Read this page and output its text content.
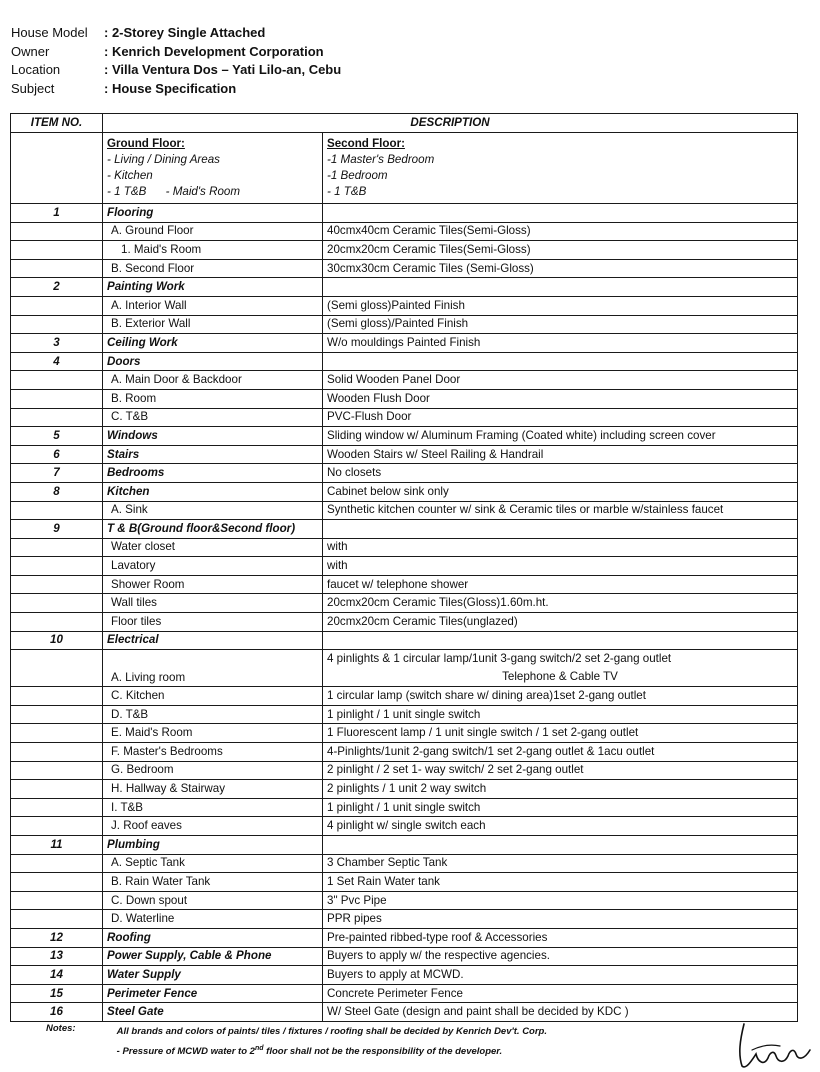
House Model	: 2-Storey Single Attached
Owner	: Kenrich Development Corporation
Location	: Villa Ventura Dos – Yati Lilo-an, Cebu
Subject	: House Specification
ITEM NO.	DESCRIPTION	

	Ground Floor:
- Living / Dining Areas
- Kitchen
- 1 T&B      - Maid's Room	Second Floor:
-1 Master's Bedroom
-1 Bedroom
- 1 T&B

1	Flooring	
	A. Ground Floor	40cmx40cm Ceramic Tiles(Semi-Gloss)
	1. Maid's Room	20cmx20cm Ceramic Tiles(Semi-Gloss)
	B. Second Floor	30cmx30cm Ceramic Tiles (Semi-Gloss)
2	Painting Work	
	A. Interior Wall	(Semi gloss)Painted Finish
	B. Exterior Wall	(Semi gloss)/Painted Finish
3	Ceiling Work	W/o mouldings Painted Finish
4	Doors	
	A. Main Door & Backdoor	Solid Wooden Panel Door
	B. Room	Wooden Flush Door
	C. T&B	PVC-Flush Door
5	Windows	Sliding window w/ Aluminum Framing (Coated white) including screen cover
6	Stairs	Wooden Stairs w/ Steel Railing & Handrail
7	Bedrooms	No closets
8	Kitchen	Cabinet below sink only
	A. Sink	Synthetic kitchen counter w/ sink & Ceramic tiles or marble w/stainless faucet
9	T & B(Ground floor&Second floor)	
	Water closet	with
	Lavatory	with
	Shower Room	faucet w/ telephone shower
	Wall tiles	20cmx20cm Ceramic Tiles(Gloss)1.60m.ht.
	Floor tiles	20cmx20cm Ceramic Tiles(unglazed)
10	Electrical	
	A. Living room	4 pinlights & 1 circular lamp/1unit 3-gang switch/2 set 2-gang outlet
Telephone & Cable TV

	C. Kitchen	1 circular lamp (switch share w/ dining area)1set 2-gang outlet
	D. T&B	1 pinlight / 1 unit single switch
	E. Maid's Room	1 Fluorescent lamp / 1 unit single switch / 1 set 2-gang outlet
	F. Master's Bedrooms	4-Pinlights/1unit 2-gang switch/1 set 2-gang outlet & 1acu outlet
	G. Bedroom	2 pinlight / 2 set 1- way switch/ 2 set 2-gang outlet
	H. Hallway & Stairway	2 pinlights / 1 unit 2 way switch
	I. T&B	1 pinlight / 1 unit single switch
	J. Roof eaves	4 pinlight w/ single switch each
11	Plumbing	
	A. Septic Tank	3 Chamber Septic Tank
	B. Rain Water Tank	1 Set Rain Water tank
	C. Down spout	3" Pvc Pipe
	D. Waterline	PPR pipes
12	Roofing	Pre-painted ribbed-type roof & Accessories
13	Power Supply, Cable & Phone	Buyers to apply w/ the respective agencies.
14	Water Supply	Buyers to apply at MCWD.
15	Perimeter Fence	Concrete Perimeter Fence
16	Steel Gate	W/ Steel Gate (design and paint shall be decided by KDC )
Notes:	All brands and colors of paints/ tiles / fixtures / roofing shall be decided by Kenrich Dev't. Corp.
- Pressure of MCWD water to 2nd floor shall not be the responsibility of the developer.
